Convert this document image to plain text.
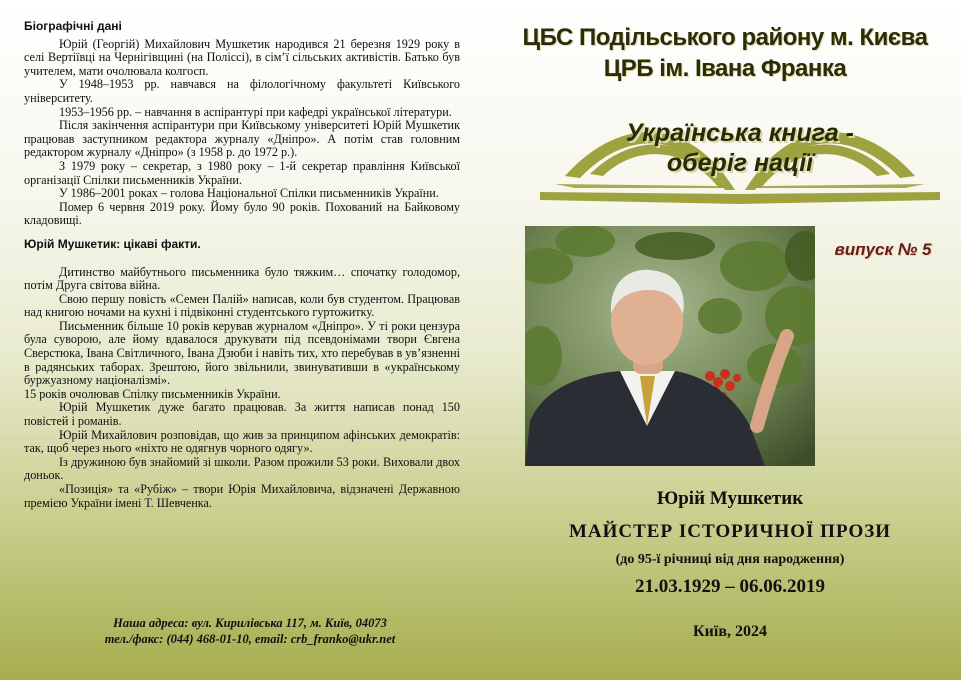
Біографічні дані

Юрій (Георгій) Михайлович Мушкетик народився 21 березня 1929 року в селі Вертіївці на Чернігівщині (на Поліссі), в сім’ї сільських активістів. Батько був учителем, мати очолювала колгосп.

У 1948–1953 рр. навчався на філологічному факультеті Київського університету.

1953–1956 рр. – навчання в аспірантурі при кафедрі української літератури.

Після закінчення аспірантури при Київському університеті Юрій Мушкетик працював заступником редактора журналу «Дніпро». А потім став головним редактором журналу «Дніпро» (з 1958 р. до 1972 р.).

З 1979 року – секретар, з 1980 року – 1-й секретар правління Київської організації Спілки письменників України.

У 1986–2001 роках – голова Національної Спілки письменників України.

Помер 6 червня 2019 року. Йому було 90 років. Похований на Байковому кладовищі.

Юрій Мушкетик: цікаві факти.

Дитинство майбутнього письменника було тяжким… спочатку голодомор, потім Друга світова війна.

Свою першу повість «Семен Палій» написав, коли був студентом. Працював над книгою ночами на кухні і підвіконні студентського гуртожитку.

Письменник більше 10 років керував журналом «Дніпро». У ті роки цензура була суворою, але йому вдавалося друкувати під псевдонімами твори Євгена Сверстюка, Івана Світличного, Івана Дзюби і навіть тих, хто перебував в ув’язненні в радянських таборах. Зрештою, його звільнили, звинувативши в «українському буржуазному націоналізмі».

15 років очолював Спілку письменників України.

Юрій Мушкетик дуже багато працював. За життя написав понад 150 повістей і романів.

Юрій Михайлович розповідав, що жив за принципом афінських демократів: так, щоб через нього «ніхто не одягнув чорного одягу».

Із дружиною був знайомий зі школи. Разом прожили 53 роки. Виховали двох доньок.

«Позиція» та «Рубіж» – твори Юрія Михайловича, відзначені Державною премією України імені Т. Шевченка.

Наша адреса: вул. Кирилівська 117, м. Київ, 04073
тел./факс: (044) 468-01-10, email: crb_franko@ukr.net
ЦБС Подільського району м. Києва
ЦРБ ім. Івана Франка
Українська книга -
оберіг нації
випуск № 5
Юрій Мушкетик
МАЙСТЕР ІСТОРИЧНОЇ ПРОЗИ
(до 95-ї річниці від дня народження)
21.03.1929 – 06.06.2019
Київ, 2024
